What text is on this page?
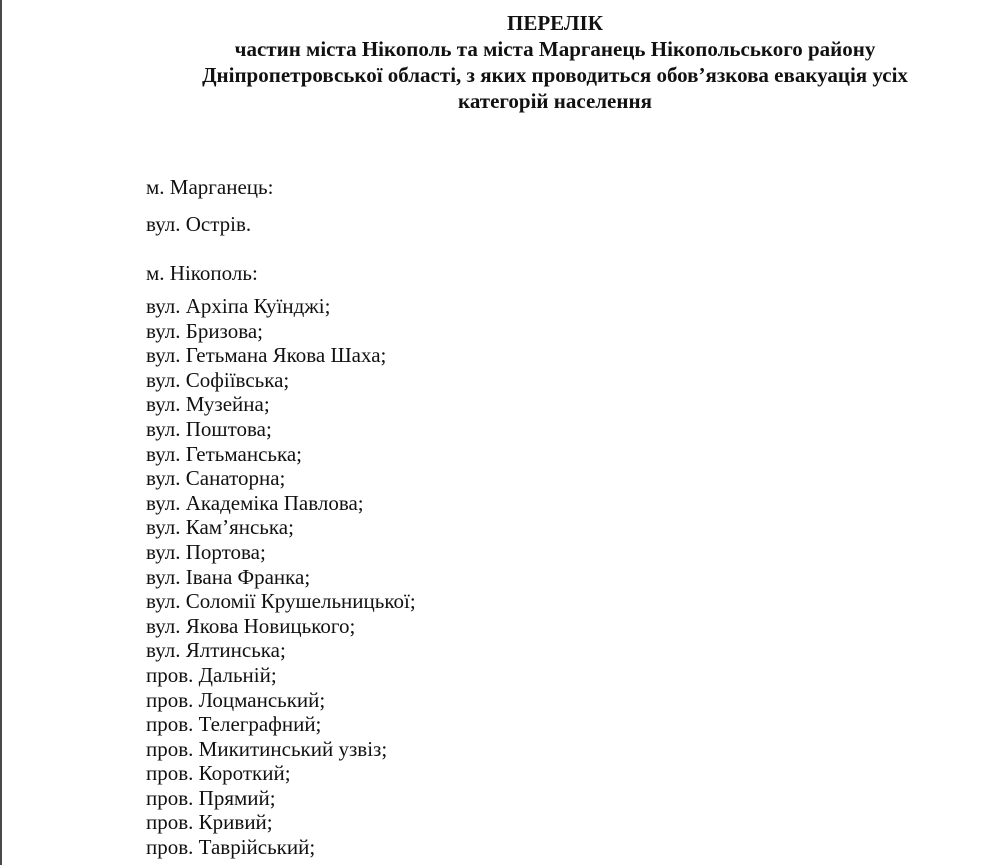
ПЕРЕЛІК
частин міста Нікополь та міста Марганець Нікопольського району
Дніпропетровської області, з яких проводиться обов’язкова евакуація усіх
категорій населення
м. Марганець:
вул. Острів.
м. Нікополь:
вул. Архіпа Куїнджі;
вул. Бризова;
вул. Гетьмана Якова Шаха;
вул. Софіївська;
вул. Музейна;
вул. Поштова;
вул. Гетьманська;
вул. Санаторна;
вул. Академіка Павлова;
вул. Кам’янська;
вул. Портова;
вул. Івана Франка;
вул. Соломії Крушельницької;
вул. Якова Новицького;
вул. Ялтинська;
пров. Дальній;
пров. Лоцманський;
пров. Телеграфний;
пров. Микитинський узвіз;
пров. Короткий;
пров. Прямий;
пров. Кривий;
пров. Таврійський;
